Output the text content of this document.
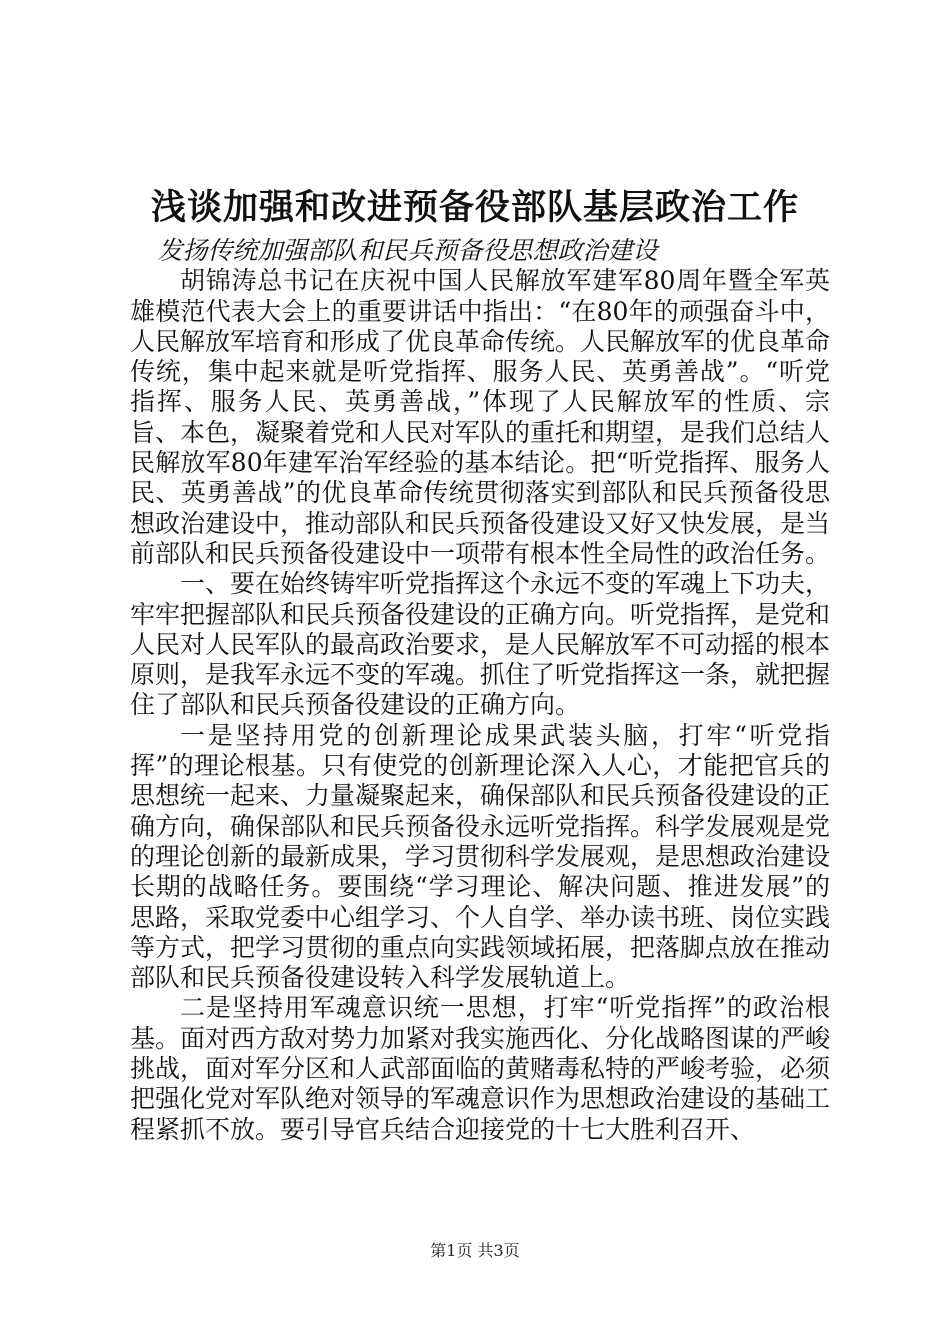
浅谈加强和改进预备役部队基层政治工作

发扬传统加强部队和民兵预备役思想政治建设

胡锦涛总书记在庆祝中国人民解放军建军80周年暨全军英雄模范代表大会上的重要讲话中指出：“在80年的顽强奋斗中，人民解放军培育和形成了优良革命传统。人民解放军的优良革命传统，集中起来就是听党指挥、服务人民、英勇善战”。“听党指挥、服务人民、英勇善战，”体现了人民解放军的性质、宗旨、本色，凝聚着党和人民对军队的重托和期望，是我们总结人民解放军80年建军治军经验的基本结论。把“听党指挥、服务人民、英勇善战”的优良革命传统贯彻落实到部队和民兵预备役思想政治建设中，推动部队和民兵预备役建设又好又快发展，是当前部队和民兵预备役建设中一项带有根本性全局性的政治任务。

一、要在始终铸牢听党指挥这个永远不变的军魂上下功夫，牢牢把握部队和民兵预备役建设的正确方向。听党指挥，是党和人民对人民军队的最高政治要求，是人民解放军不可动摇的根本原则，是我军永远不变的军魂。抓住了听党指挥这一条，就把握住了部队和民兵预备役建设的正确方向。

一是坚持用党的创新理论成果武装头脑，打牢“听党指挥”的理论根基。只有使党的创新理论深入人心，才能把官兵的思想统一起来、力量凝聚起来，确保部队和民兵预备役建设的正确方向，确保部队和民兵预备役永远听党指挥。科学发展观是党的理论创新的最新成果，学习贯彻科学发展观，是思想政治建设长期的战略任务。要围绕“学习理论、解决问题、推进发展”的思路，采取党委中心组学习、个人自学、举办读书班、岗位实践等方式，把学习贯彻的重点向实践领域拓展，把落脚点放在推动部队和民兵预备役建设转入科学发展轨道上。

二是坚持用军魂意识统一思想，打牢“听党指挥”的政治根基。面对西方敌对势力加紧对我实施西化、分化战略图谋的严峻挑战，面对军分区和人武部面临的黄赌毒私特的严峻考验，必须把强化党对军队绝对领导的军魂意识作为思想政治建设的基础工程紧抓不放。要引导官兵结合迎接党的十七大胜利召开、

第1页 共3页
